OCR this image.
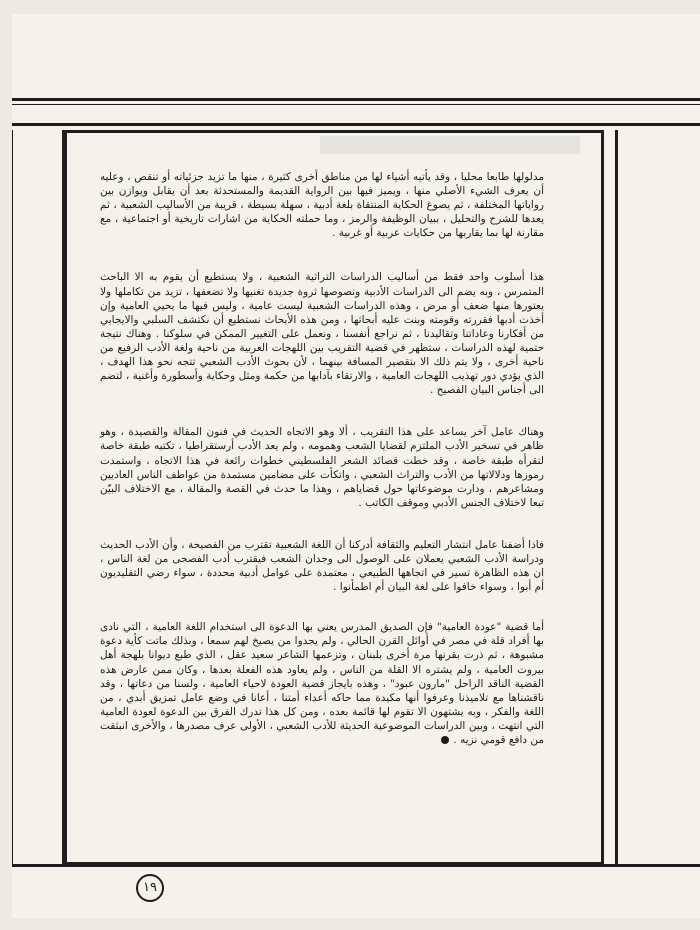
مدلولها طابعا محليا ، وقد يأتيه أشياء لها من مناطق أخرى كثيرة ، منها ما تزيد جزئياته أو تنقص ، وعليه أن يعرف الشيء الأصلي منها ، ويميز فيها بين الرواية القديمة والمستحدثة بعد أن يقابل ويوازن بين رواياتها المختلفة ، ثم يصوغ الحكاية المنتقاة بلغة أدبية ، سهلة بسيطة ، قريبة من الأساليب الشعبية ، ثم يعدها للشرح والتحليل ، ببيان الوظيفة والرمز ، وما حملته الحكاية من اشارات تاريخية أو اجتماعية ، مع مقارنة لها بما يقاربها من حكايات عربية أو غربية .

هذا أسلوب واحد فقط من أساليب الدراسات التراثية الشعبية ، ولا يستطيع أن يقوم به الا الباحث المتمرس ، وبه يضم الى الدراسات الأدبية ونصوصها ثروة جديدة تغنيها ولا تضعفها ، تزيد من تكاملها ولا يعتورها منها ضعف أو مرض ، وهذه الدراسات الشعبية ليست عامية ، وليس فيها ما يحيي العامية وإن أخذت أدبها فقررته وقومته وبنت عليه أبحاثها ، ومن هذه الأبحاث نستطيع أن نكتشف السلبي والايجابي من أفكارنا وعاداتنا وتقاليدنا ، ثم نراجع أنفسنا ، ونعمل على التغيير الممكن في سلوكنا . وهناك نتيجة حتمية لهذه الدراسات ، ستظهر في قضية التقريب بين اللهجات العربية من ناحية ولغة الأدب الرفيع من ناحية أخرى ، ولا يتم ذلك الا بتقصير المسافة بينهما ، لأن بحوث الأدب الشعبي تتجه نحو هذا الهدف ، الذي يؤدي دور تهذيب اللهجات العامية ، والارتقاء بآدابها من حكمة ومثل وحكاية وأسطورة وأغنية ، لتضم الى أجناس البيان الفصيح .

وهناك عامل آخر يساعد على هذا التقريب ، ألا وهو الاتجاه الحديث في فنون المقالة والقصيدة ، وهو ظاهر في تسخير الأدب الملتزم لقضايا الشعب وهمومه ، ولم يعد الأدب أرستقراطيا ، تكتبه طبقة خاصة لتقرأه طبقة خاصة ، وقد خطت قصائد الشعر الفلسطيني خطوات رائعة في هذا الاتجاه ، واستمدت رموزها ودلالاتها من الأدب والتراث الشعبي ، واتكأت على مضامين مستمدة من عواطف الناس العاديين ومشاعرهم ، ودارت موضوعاتها حول قضاياهم ، وهذا ما حدث في القصة والمقالة ، مع الاختلاف البيّن تبعا لاختلاف الجنس الأدبي وموقف الكاتب .

فاذا أضفنا عامل انتشار التعليم والثقافة أدركنا أن اللغة الشعبية تقترب من الفصيحة ، وأن الأدب الحديث ودراسة الأدب الشعبي يعملان على الوصول الى وجدان الشعب فيقترب أدب الفصحى من لغة الناس ، ان هذه الظاهرة تسير في اتجاهها الطبيعي ، معتمدة على عوامل أدبية محددة ، سواء رضي التقليديون أم أبوا ، وسواء خافوا على لغة البيان أم اطمأنوا .

أما قضية "عودة العامية" فإن الصديق المدرس يعني بها الدعوة الى استخدام اللغة العامية ، التي نادى بها أفراد قلة في مصر في أوائل القرن الحالي ، ولم يجدوا من يصيخ لهم سمعا ، وبذلك ماتت كأية دعوة مشبوهة ، ثم ذرت بقرنها مرة أخرى بلبنان ، وتزعمها الشاعر سعيد عقل ، الذي طبع ديوانا بلهجة أهل بيروت العامية ، ولم يشتره الا القلة من الناس ، ولم يعاود هذه الفعلة بعدها ، وكان ممن عارض هذه القضية الناقد الراحل "مارون عبود" ، وهذه بايجاز قضية العودة لاحياء العامية ، ولسنا من دعاتها ، وقد ناقشناها مع تلاميذنا وعرفوا أنها مكيدة مما حاكه أعداء أمتنا ، أعانا في وضع عامل تمزيق أبدي ، من اللغة والفكر ، وبه يشتهون الا تقوم لها قائمة بعده ، ومن كل هذا تدرك الفرق بين الدعوة لعودة العامية التي انتهت ، وبين الدراسات الموضوعية الحديثة للأدب الشعبي ، الأولى عرف مصدرها ، والأخرى انبثقت من دافع قومي نزيه .

١٩
